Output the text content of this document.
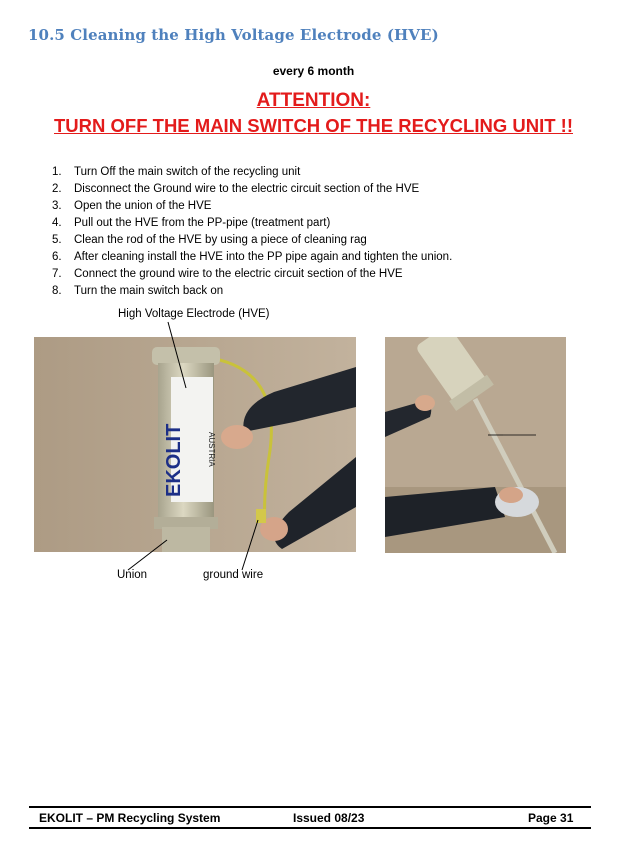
10.5 Cleaning the High Voltage Electrode (HVE)
every 6 month
ATTENTION:
TURN OFF THE MAIN SWITCH OF THE RECYCLING UNIT !!
1. Turn Off the main switch of the recycling unit
2. Disconnect the Ground wire to the electric circuit section of the HVE
3. Open the union of the HVE
4. Pull out the HVE from the PP-pipe (treatment part)
5. Clean the rod of the HVE by using a piece of cleaning rag
6. After cleaning install the HVE into the PP pipe again and tighten the union.
7. Connect the ground wire to the electric circuit section of the HVE
8. Turn the main switch back on
High Voltage Electrode (HVE)
EKOLIT	AUSTRIA
Union	ground wire
EKOLIT – PM Recycling System	Issued 08/23	Page 31
